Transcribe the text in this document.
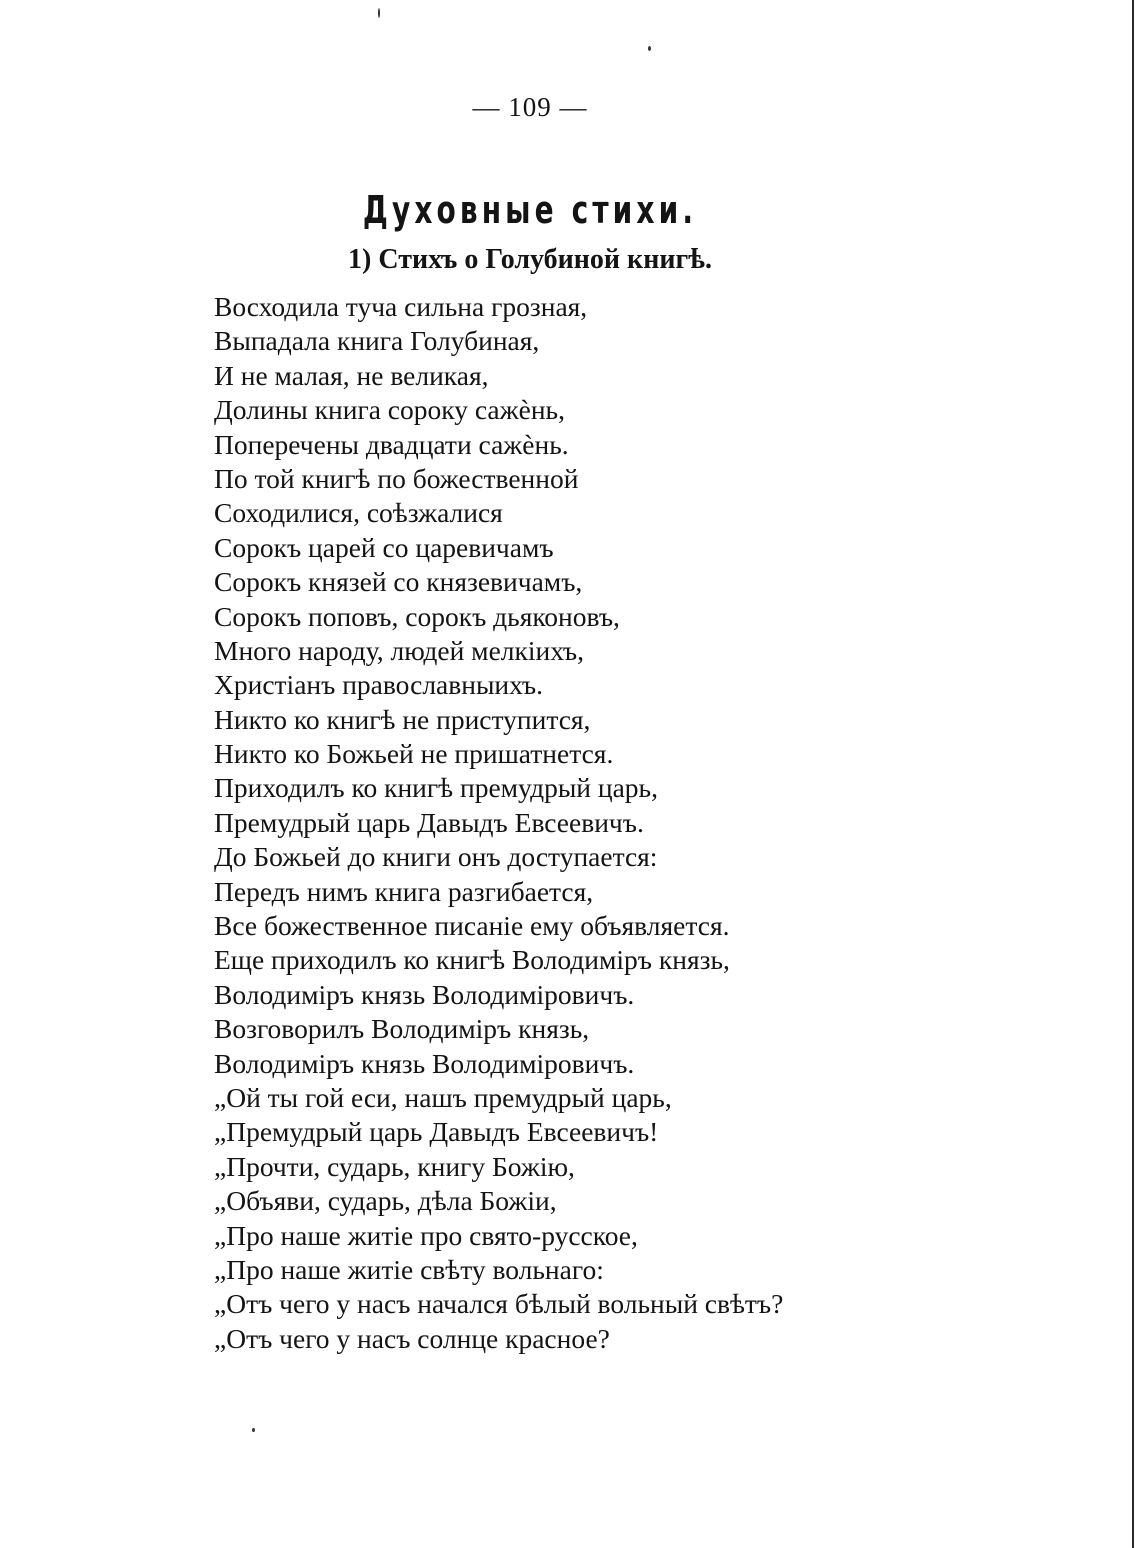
— 109 —
Духовные стихи.
1) Стихъ о Голубиной книгѣ.
Восходила туча сильна грозная,
Выпадала книга Голубиная,
И не малая, не великая,
Долины книга сороку сажѐнь,
Поперечены двадцати сажѐнь.
По той книгѣ по божественной
Соходилися, соѣзжалися
Сорокъ царей со царевичамъ
Сорокъ князей со князевичамъ,
Сорокъ поповъ, сорокъ дьяконовъ,
Много народу, людей мелкiихъ,
Христiанъ православныихъ.
Никто ко книгѣ не приступится,
Никто ко Божьей не пришатнется.
Приходилъ ко книгѣ премудрый царь,
Премудрый царь Давыдъ Евсеевичъ.
До Божьей до книги онъ доступается:
Передъ нимъ книга разгибается,
Все божественное писанiе ему объявляется.
Еще приходилъ ко книгѣ Володимiръ князь,
Володимiръ князь Володимiровичъ.
Возговорилъ Володимiръ князь,
Володимiръ князь Володимiровичъ.
„Ой ты гой еси, нашъ премудрый царь,
„Премудрый царь Давыдъ Евсеевичъ!
„Прочти, сударь, книгу Божiю,
„Объяви, сударь, дѣла Божiи,
„Про наше житiе про свято-русское,
„Про наше житiе свѣту вольнаго:
„Отъ чего у насъ начался бѣлый вольный свѣтъ?
„Отъ чего у насъ солнце красное?
